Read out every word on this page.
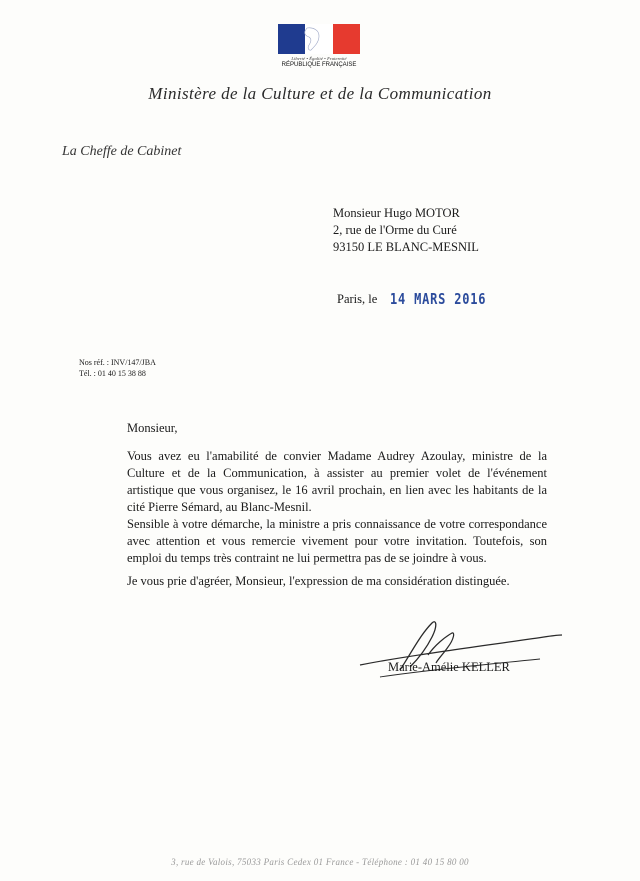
Liberté • Égalité • Fraternité
RÉPUBLIQUE FRANÇAISE
Ministère de la Culture et de la Communication
La Cheffe de Cabinet
Monsieur Hugo MOTOR
2, rue de l'Orme du Curé
93150 LE BLANC-MESNIL
Paris, le 14 MARS 2016
Nos réf. : INV/147/JBA
Tél. : 01 40 15 38 88
Monsieur,
Vous avez eu l'amabilité de convier Madame Audrey Azoulay, ministre de la Culture et de la Communication, à assister au premier volet de l'événement artistique que vous organisez, le 16 avril prochain, en lien avec les habitants de la cité Pierre Sémard, au Blanc-Mesnil.
Sensible à votre démarche, la ministre a pris connaissance de votre correspondance avec attention et vous remercie vivement pour votre invitation. Toutefois, son emploi du temps très contraint ne lui permettra pas de se joindre à vous.
Je vous prie d'agréer, Monsieur, l'expression de ma considération distinguée.
Marie-Amélie KELLER
3, rue de Valois, 75033 Paris Cedex 01 France - Téléphone : 01 40 15 80 00
